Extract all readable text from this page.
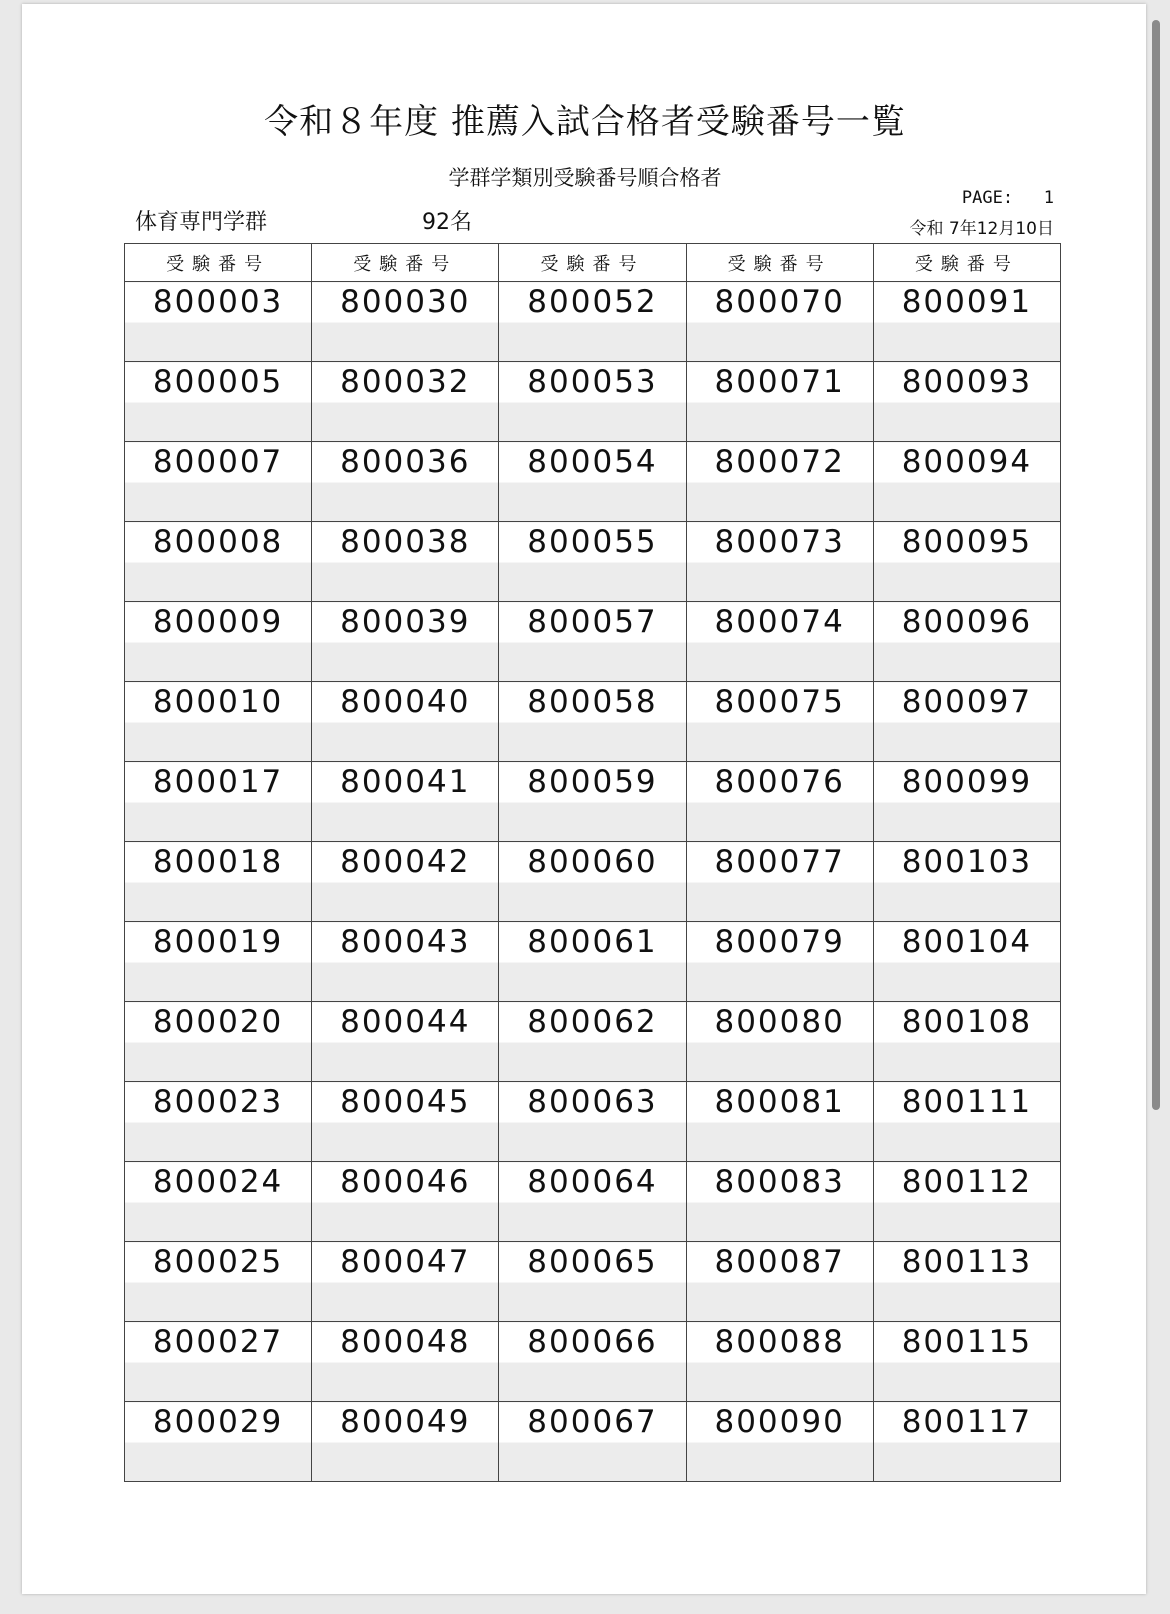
令和８年度 推薦入試合格者受験番号一覧
学群学類別受験番号順合格者
体育専門学群	92名
PAGE:   1
令和 7年12月10日
受験番号	受験番号	受験番号	受験番号	受験番号

800003	800030	800052	800070	800091

800005	800032	800053	800071	800093

800007	800036	800054	800072	800094

800008	800038	800055	800073	800095

800009	800039	800057	800074	800096

800010	800040	800058	800075	800097

800017	800041	800059	800076	800099

800018	800042	800060	800077	800103

800019	800043	800061	800079	800104

800020	800044	800062	800080	800108

800023	800045	800063	800081	800111

800024	800046	800064	800083	800112

800025	800047	800065	800087	800113

800027	800048	800066	800088	800115

800029	800049	800067	800090	800117
